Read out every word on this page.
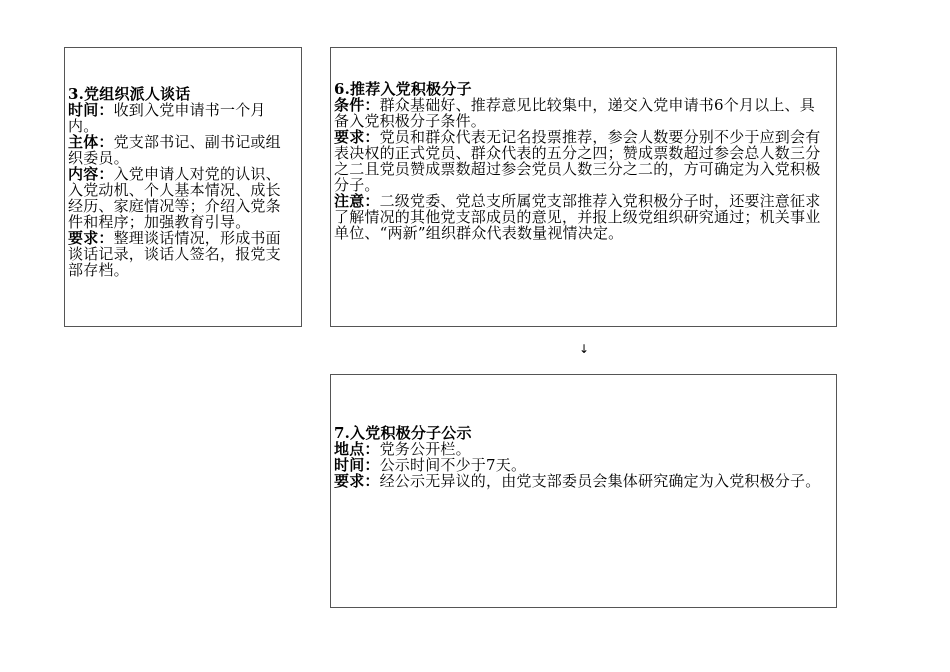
3.党组织派人谈话

时间：收到入党申请书一个月内。

主体：党支部书记、副书记或组织委员。

内容：入党申请人对党的认识、入党动机、个人基本情况、成长经历、家庭情况等；介绍入党条件和程序；加强教育引导。

要求：整理谈话情况，形成书面谈话记录，谈话人签名，报党支部存档。

6.推荐入党积极分子

条件：群众基础好、推荐意见比较集中，递交入党申请书6个月以上、具备入党积极分子条件。

要求：党员和群众代表无记名投票推荐，参会人数要分别不少于应到会有表决权的正式党员、群众代表的五分之四；赞成票数超过参会总人数三分之二且党员赞成票数超过参会党员人数三分之二的，方可确定为入党积极分子。

注意：二级党委、党总支所属党支部推荐入党积极分子时，还要注意征求了解情况的其他党支部成员的意见，并报上级党组织研究通过；机关事业单位、“两新”组织群众代表数量视情决定。

↓
7.入党积极分子公示

地点：党务公开栏。

时间：公示时间不少于7天。

要求：经公示无异议的，由党支部委员会集体研究确定为入党积极分子。
